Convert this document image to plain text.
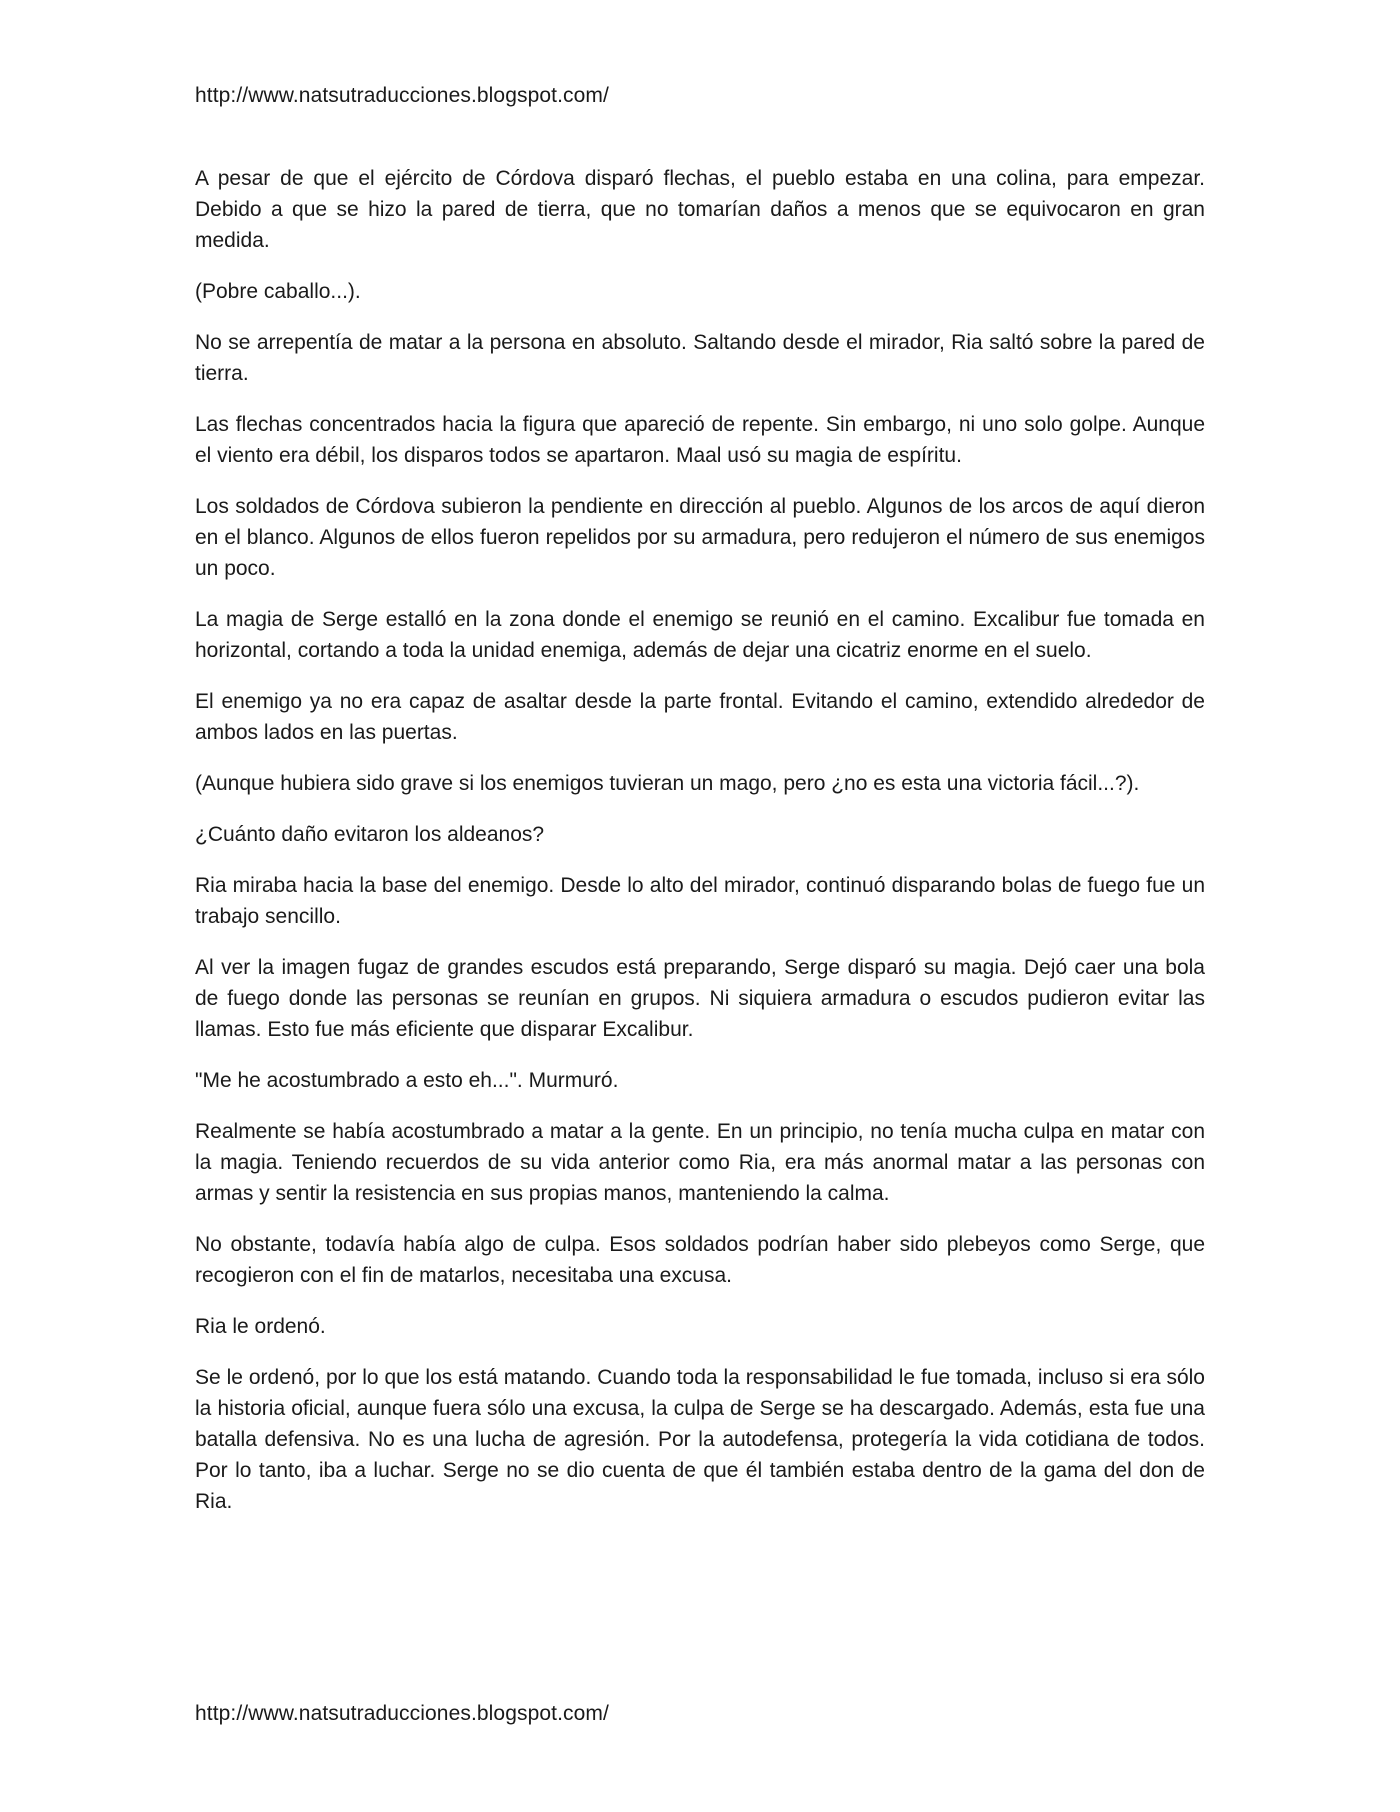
http://www.natsutraducciones.blogspot.com/

A pesar de que el ejército de Córdova disparó flechas, el pueblo estaba en una colina, para empezar. Debido a que se hizo la pared de tierra, que no tomarían daños a menos que se equivocaron en gran medida.

(Pobre caballo...).

No se arrepentía de matar a la persona en absoluto. Saltando desde el mirador, Ria saltó sobre la pared de tierra.

Las flechas concentrados hacia la figura que apareció de repente. Sin embargo, ni uno solo golpe. Aunque el viento era débil, los disparos todos se apartaron. Maal usó su magia de espíritu.

Los soldados de Córdova subieron la pendiente en dirección al pueblo. Algunos de los arcos de aquí dieron en el blanco. Algunos de ellos fueron repelidos por su armadura, pero redujeron el número de sus enemigos un poco.

La magia de Serge estalló en la zona donde el enemigo se reunió en el camino. Excalibur fue tomada en horizontal, cortando a toda la unidad enemiga, además de dejar una cicatriz enorme en el suelo.

El enemigo ya no era capaz de asaltar desde la parte frontal. Evitando el camino, extendido alrededor de ambos lados en las puertas.

(Aunque hubiera sido grave si los enemigos tuvieran un mago, pero ¿no es esta una victoria fácil...?).

¿Cuánto daño evitaron los aldeanos?

Ria miraba hacia la base del enemigo. Desde lo alto del mirador, continuó disparando bolas de fuego fue un trabajo sencillo.

Al ver la imagen fugaz de grandes escudos está preparando, Serge disparó su magia. Dejó caer una bola de fuego donde las personas se reunían en grupos. Ni siquiera armadura o escudos pudieron evitar las llamas. Esto fue más eficiente que disparar Excalibur.

"Me he acostumbrado a esto eh...". Murmuró.

Realmente se había acostumbrado a matar a la gente. En un principio, no tenía mucha culpa en matar con la magia. Teniendo recuerdos de su vida anterior como Ria, era más anormal matar a las personas con armas y sentir la resistencia en sus propias manos, manteniendo la calma.

No obstante, todavía había algo de culpa. Esos soldados podrían haber sido plebeyos como Serge, que recogieron con el fin de matarlos, necesitaba una excusa.

Ria le ordenó.

Se le ordenó, por lo que los está matando. Cuando toda la responsabilidad le fue tomada, incluso si era sólo la historia oficial, aunque fuera sólo una excusa, la culpa de Serge se ha descargado. Además, esta fue una batalla defensiva. No es una lucha de agresión. Por la autodefensa, protegería la vida cotidiana de todos. Por lo tanto, iba a luchar. Serge no se dio cuenta de que él también estaba dentro de la gama del don de Ria.

http://www.natsutraducciones.blogspot.com/
